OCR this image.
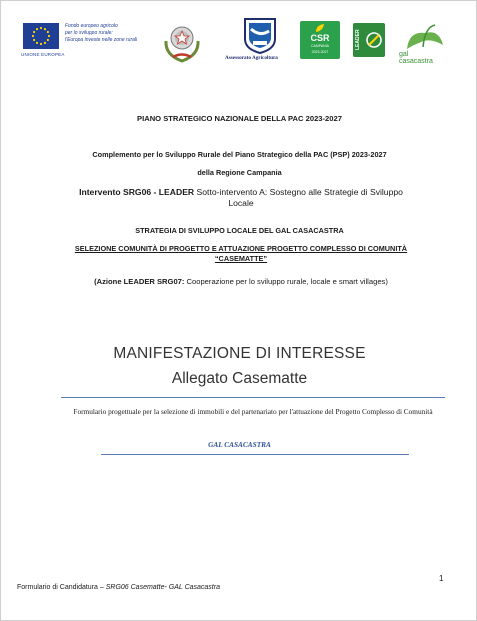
Fondo europeo agricolo
per lo sviluppo rurale:
l'Europa investe nelle zone rurali
UNIONE EUROPEA
Assessorato Agricoltura
CSR
CAMPANIA
2023-2027
LEADER
gal
casacastra
PIANO STRATEGICO NAZIONALE DELLA PAC 2023-2027
Complemento per lo Sviluppo Rurale del Piano Strategico della PAC (PSP) 2023-2027
della Regione Campania
Intervento SRG06 - LEADER Sotto-intervento A: Sostegno alle Strategie di Sviluppo Locale
STRATEGIA DI SVILUPPO LOCALE DEL GAL CASACASTRA
SELEZIONE COMUNITÀ DI PROGETTO E ATTUAZIONE PROGETTO COMPLESSO DI COMUNITÀ “CASEMATTE”
(Azione LEADER SRG07: Cooperazione per lo sviluppo rurale, locale e smart villages)
MANIFESTAZIONE DI INTERESSE
Allegato Casematte
Formulario progettuale per la selezione di immobili e del partenariato per l'attuazione del Progetto Complesso di Comunità
GAL CASACASTRA
1
Formulario di Candidatura – SRG06 Casematte- GAL Casacastra
